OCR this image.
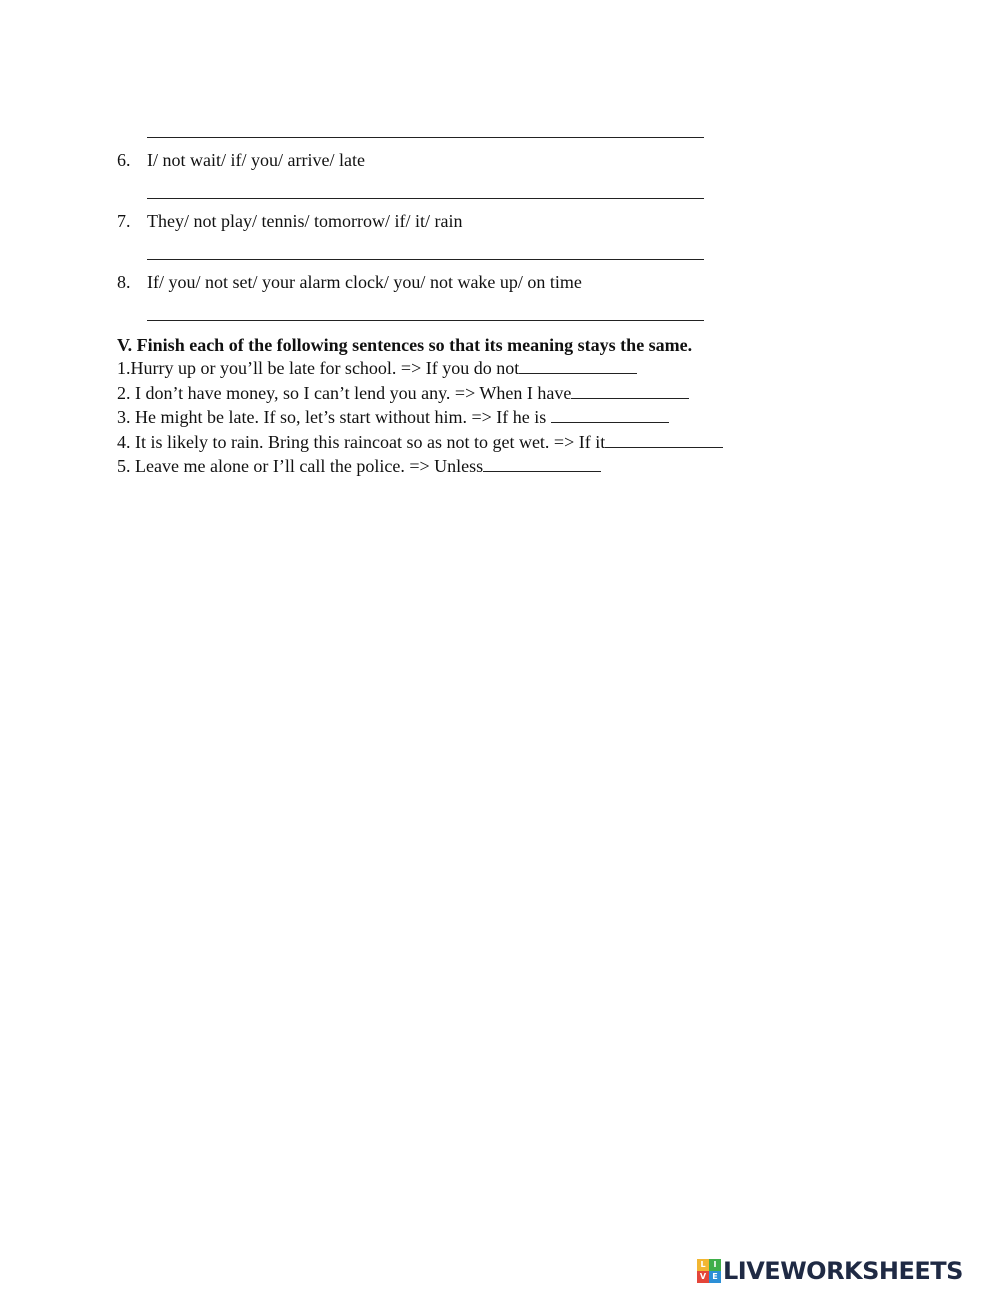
6. I/ not wait/ if/ you/ arrive/ late
7. They/ not play/ tennis/ tomorrow/ if/ it/ rain
8. If/ you/ not set/ your alarm clock/ you/ not wake up/ on time
V. Finish each of the following sentences so that its meaning stays the same.
1.Hurry up or you’ll be late for school. => If you do not
2. I don’t have money, so I can’t lend you any. => When I have
3. He might be late. If so, let’s start without him. => If he is
4. It is likely to rain. Bring this raincoat so as not to get wet. => If it
5. Leave me alone or I’ll call the police. => Unless
L I
V E LIVEWORKSHEETS
